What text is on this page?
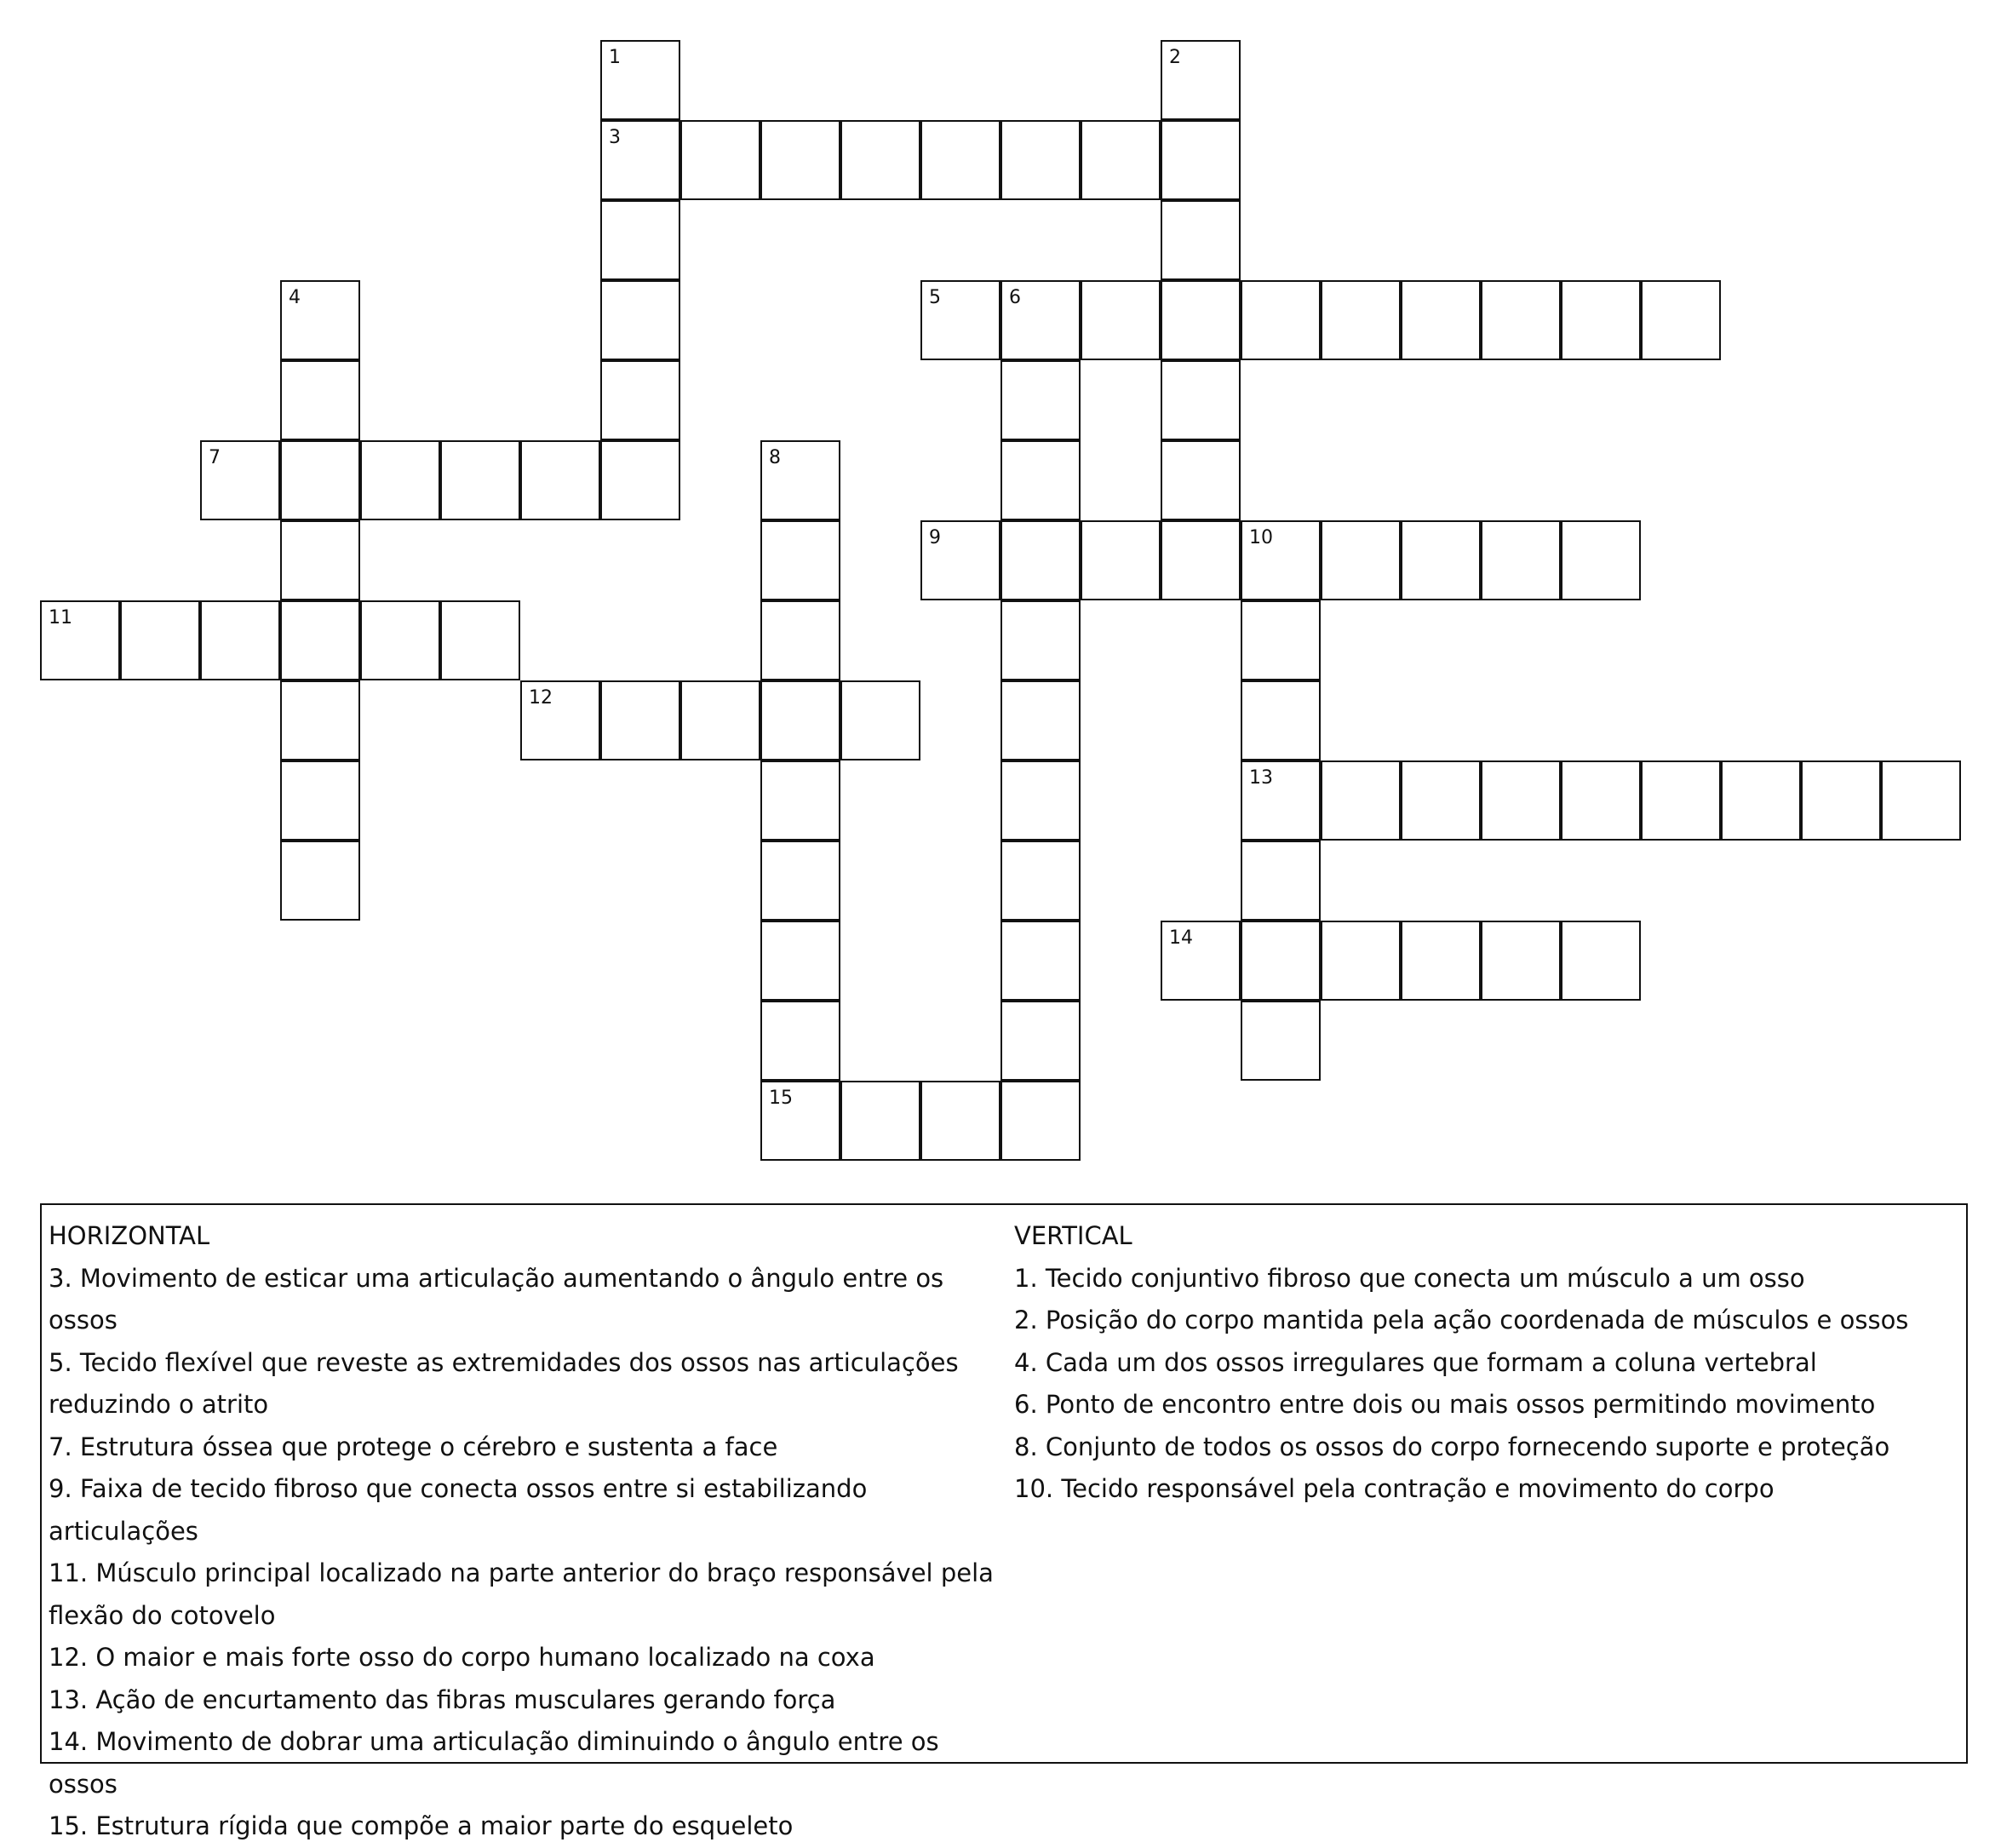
1
3
2
4	5	6
7	8
9	10
13
11
12
14
15
HORIZONTAL
3. Movimento de esticar uma articulação aumentando o ângulo entre os ossos
5. Tecido flexível que reveste as extremidades dos ossos nas articulações reduzindo o atrito
7. Estrutura óssea que protege o cérebro e sustenta a face
9. Faixa de tecido fibroso que conecta ossos entre si estabilizando articulações
11. Músculo principal localizado na parte anterior do braço responsável pela flexão do cotovelo
12. O maior e mais forte osso do corpo humano localizado na coxa
13. Ação de encurtamento das fibras musculares gerando força
14. Movimento de dobrar uma articulação diminuindo o ângulo entre os ossos
15. Estrutura rígida que compõe a maior parte do esqueleto
VERTICAL
1. Tecido conjuntivo fibroso que conecta um músculo a um osso
2. Posição do corpo mantida pela ação coordenada de músculos e ossos
4. Cada um dos ossos irregulares que formam a coluna vertebral
6. Ponto de encontro entre dois ou mais ossos permitindo movimento
8. Conjunto de todos os ossos do corpo fornecendo suporte e proteção
10. Tecido responsável pela contração e movimento do corpo
